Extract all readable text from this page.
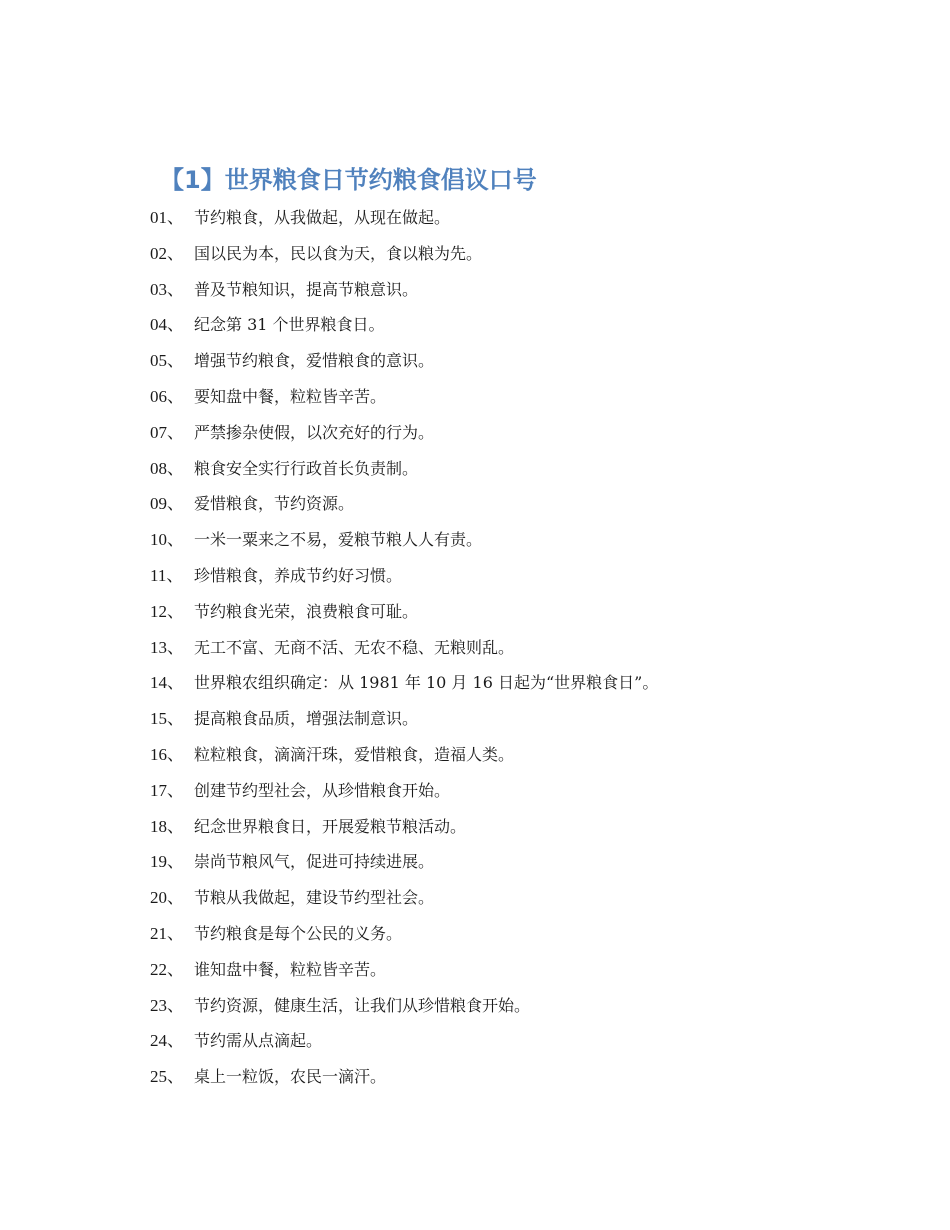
【1】世界粮食日节约粮食倡议口号
01、 节约粮食，从我做起，从现在做起。
02、 国以民为本，民以食为天，食以粮为先。
03、 普及节粮知识，提高节粮意识。
04、 纪念第 31 个世界粮食日。
05、 增强节约粮食，爱惜粮食的意识。
06、 要知盘中餐，粒粒皆辛苦。
07、 严禁掺杂使假，以次充好的行为。
08、 粮食安全实行行政首长负责制。
09、 爱惜粮食，节约资源。
10、 一米一粟来之不易，爱粮节粮人人有责。
11、 珍惜粮食，养成节约好习惯。
12、 节约粮食光荣，浪费粮食可耻。
13、 无工不富、无商不活、无农不稳、无粮则乱。
14、 世界粮农组织确定：从 1981 年 10 月 16 日起为“世界粮食日”。
15、 提高粮食品质，增强法制意识。
16、 粒粒粮食，滴滴汗珠，爱惜粮食，造福人类。
17、 创建节约型社会，从珍惜粮食开始。
18、 纪念世界粮食日，开展爱粮节粮活动。
19、 崇尚节粮风气，促进可持续进展。
20、 节粮从我做起，建设节约型社会。
21、 节约粮食是每个公民的义务。
22、 谁知盘中餐，粒粒皆辛苦。
23、 节约资源，健康生活，让我们从珍惜粮食开始。
24、 节约需从点滴起。
25、 桌上一粒饭，农民一滴汗。
